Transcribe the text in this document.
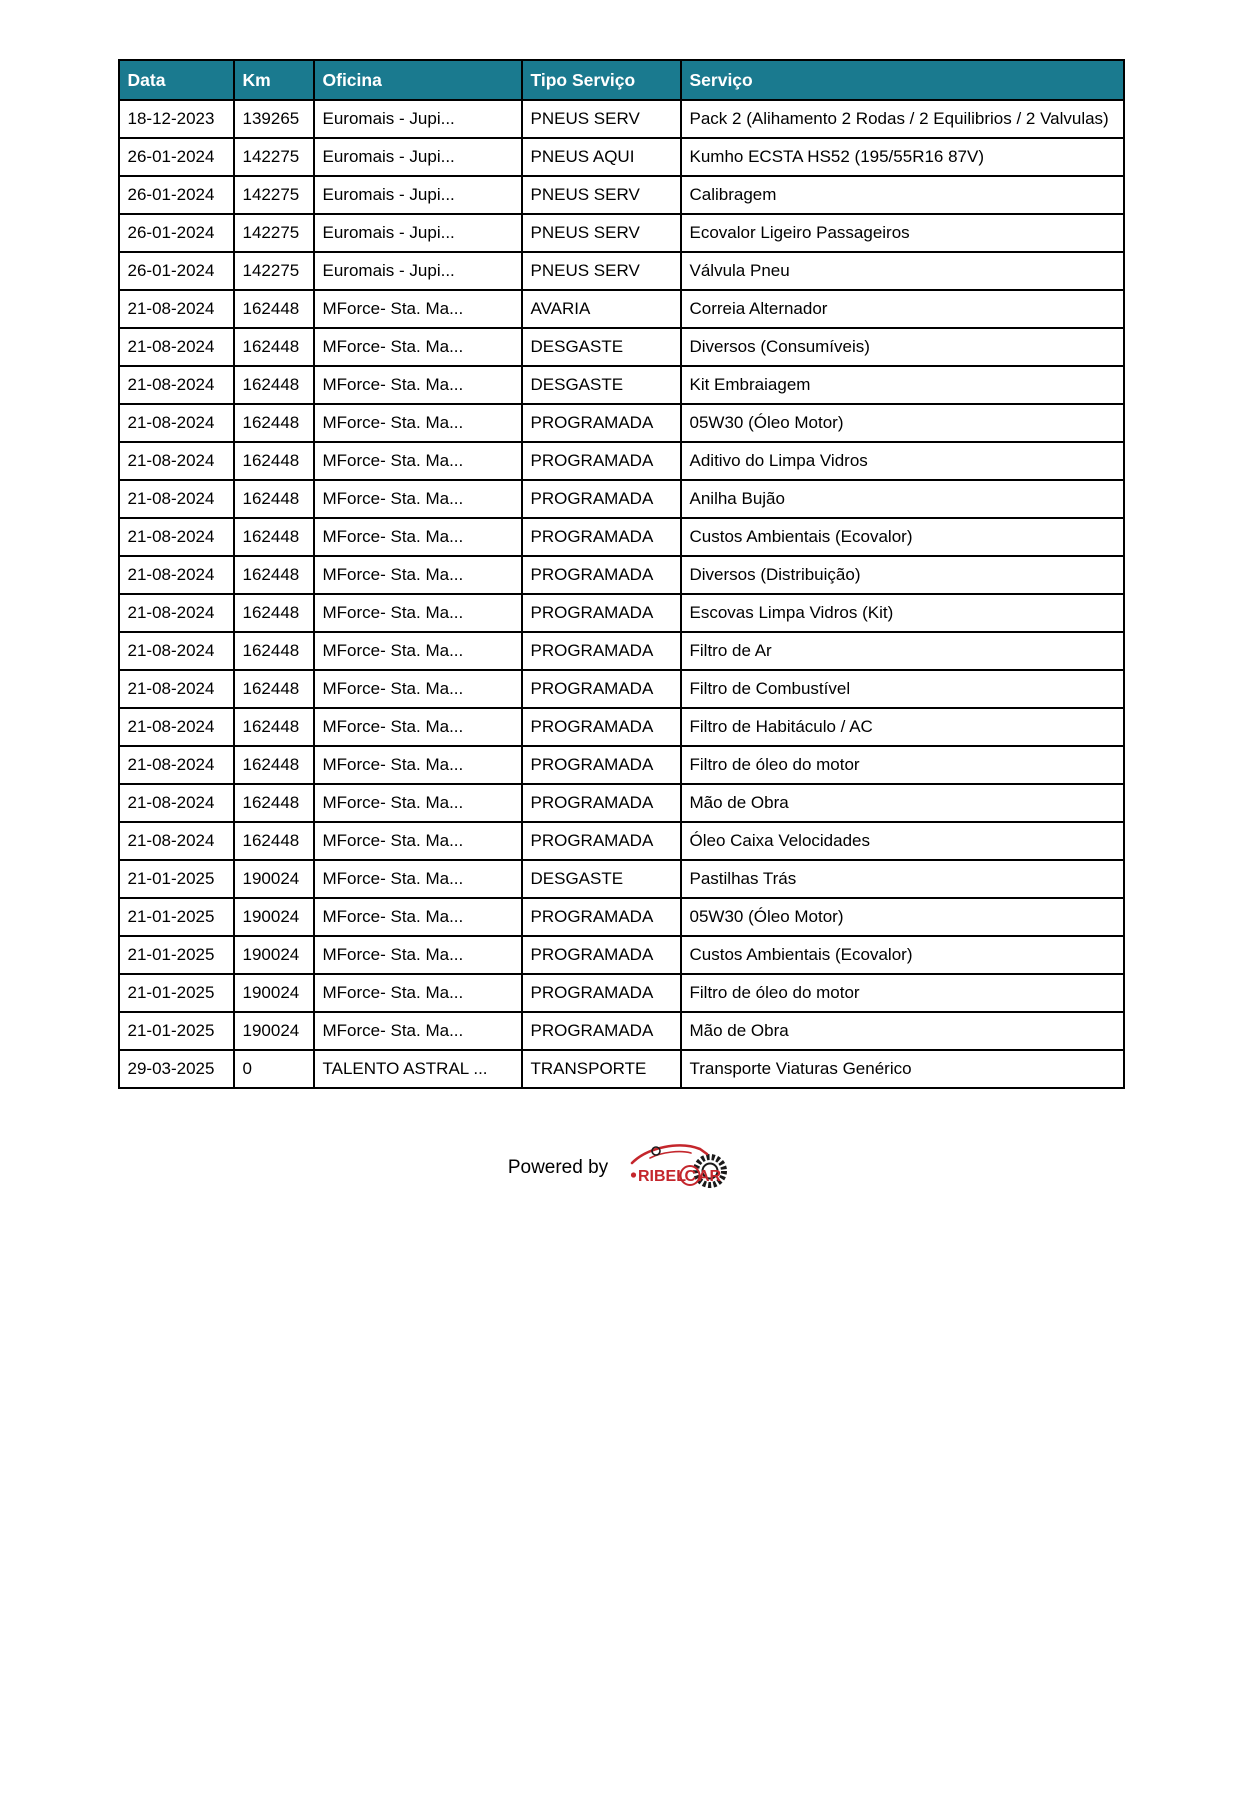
Data	Km	Oficina	Tipo Serviço	Serviço
18-12-2023	139265	Euromais - Jupi...	PNEUS SERV	Pack 2 (Alihamento 2 Rodas / 2 Equilibrios / 2 Valvulas)
26-01-2024	142275	Euromais - Jupi...	PNEUS AQUI	Kumho ECSTA HS52 (195/55R16 87V)
26-01-2024	142275	Euromais - Jupi...	PNEUS SERV	Calibragem
26-01-2024	142275	Euromais - Jupi...	PNEUS SERV	Ecovalor Ligeiro Passageiros
26-01-2024	142275	Euromais - Jupi...	PNEUS SERV	Válvula Pneu
21-08-2024	162448	MForce- Sta. Ma...	AVARIA	Correia Alternador
21-08-2024	162448	MForce- Sta. Ma...	DESGASTE	Diversos (Consumíveis)
21-08-2024	162448	MForce- Sta. Ma...	DESGASTE	Kit Embraiagem
21-08-2024	162448	MForce- Sta. Ma...	PROGRAMADA	05W30 (Óleo Motor)
21-08-2024	162448	MForce- Sta. Ma...	PROGRAMADA	Aditivo do Limpa Vidros
21-08-2024	162448	MForce- Sta. Ma...	PROGRAMADA	Anilha Bujão
21-08-2024	162448	MForce- Sta. Ma...	PROGRAMADA	Custos Ambientais (Ecovalor)
21-08-2024	162448	MForce- Sta. Ma...	PROGRAMADA	Diversos (Distribuição)
21-08-2024	162448	MForce- Sta. Ma...	PROGRAMADA	Escovas Limpa Vidros (Kit)
21-08-2024	162448	MForce- Sta. Ma...	PROGRAMADA	Filtro de Ar
21-08-2024	162448	MForce- Sta. Ma...	PROGRAMADA	Filtro de Combustível
21-08-2024	162448	MForce- Sta. Ma...	PROGRAMADA	Filtro de Habitáculo / AC
21-08-2024	162448	MForce- Sta. Ma...	PROGRAMADA	Filtro de óleo do motor
21-08-2024	162448	MForce- Sta. Ma...	PROGRAMADA	Mão de Obra
21-08-2024	162448	MForce- Sta. Ma...	PROGRAMADA	Óleo Caixa Velocidades
21-01-2025	190024	MForce- Sta. Ma...	DESGASTE	Pastilhas Trás
21-01-2025	190024	MForce- Sta. Ma...	PROGRAMADA	05W30 (Óleo Motor)
21-01-2025	190024	MForce- Sta. Ma...	PROGRAMADA	Custos Ambientais (Ecovalor)
21-01-2025	190024	MForce- Sta. Ma...	PROGRAMADA	Filtro de óleo do motor
21-01-2025	190024	MForce- Sta. Ma...	PROGRAMADA	Mão de Obra
29-03-2025	0	TALENTO ASTRAL ...	TRANSPORTE	Transporte Viaturas Genérico
Powered by RIBEL
C AR
